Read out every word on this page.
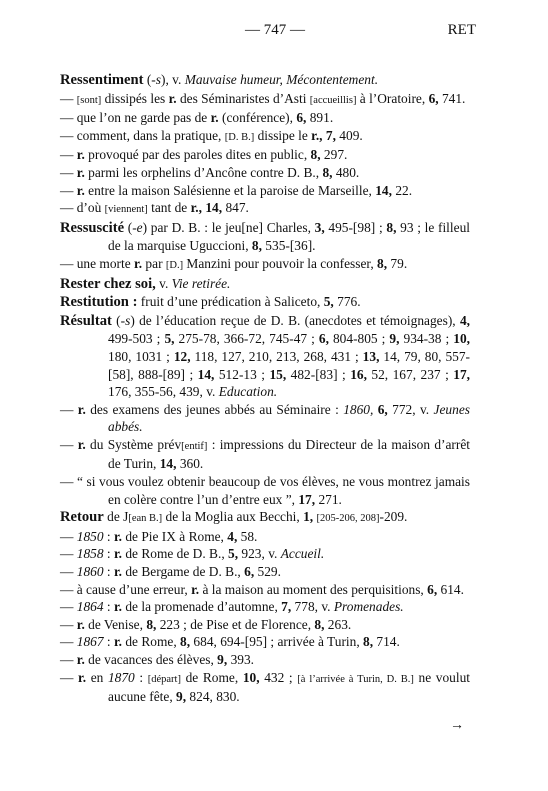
— 747 —	RET
Ressentiment (-s), v. Mauvaise humeur, Mécontentement.
— [sont] dissipés les r. des Séminaristes d’Asti [accueillis] à l’Oratoire, 6, 741.
— que l’on ne garde pas de r. (conférence), 6, 891.
— comment, dans la pratique, [D. B.] dissipe le r., 7, 409.
— r. provoqué par des paroles dites en public, 8, 297.
— r. parmi les orphelins d’Ancône contre D. B., 8, 480.
— r. entre la maison Salésienne et la paroise de Marseille, 14, 22.
— d’où [viennent] tant de r., 14, 847.
Ressuscité (-e) par D. B. : le jeu[ne] Charles, 3, 495-[98] ; 8, 93 ; le filleul de la marquise Uguccioni, 8, 535-[36].
— une morte r. par [D.] Manzini pour pouvoir la confesser, 8, 79.
Rester chez soi, v. Vie retirée.
Restitution : fruit d’une prédication à Saliceto, 5, 776.
Résultat (-s) de l’éducation reçue de D. B. (anecdotes et témoignages), 4, 499-503 ; 5, 275-78, 366-72, 745-47 ; 6, 804-805 ; 9, 934-38 ; 10, 180, 1031 ; 12, 118, 127, 210, 213, 268, 431 ; 13, 14, 79, 80, 557-[58], 888-[89] ; 14, 512-13 ; 15, 482-[83] ; 16, 52, 167, 237 ; 17, 176, 355-56, 439, v. Education.
— r. des examens des jeunes abbés au Séminaire : 1860, 6, 772, v. Jeunes abbés.
— r. du Système prév[entif] : impressions du Directeur de la maison d’arrêt de Turin, 14, 360.
— “ si vous voulez obtenir beaucoup de vos élèves, ne vous montrez jamais en colère contre l’un d’entre eux ”, 17, 271.
Retour de J[ean B.] de la Moglia aux Becchi, 1, [205-206, 208]-209.
— 1850 : r. de Pie IX à Rome, 4, 58.
— 1858 : r. de Rome de D. B., 5, 923, v. Accueil.
— 1860 : r. de Bergame de D. B., 6, 529.
— à cause d’une erreur, r. à la maison au moment des perquisitions, 6, 614.
— 1864 : r. de la promenade d’automne, 7, 778, v. Promenades.
— r. de Venise, 8, 223 ; de Pise et de Florence, 8, 263.
— 1867 : r. de Rome, 8, 684, 694-[95] ; arrivée à Turin, 8, 714.
— r. de vacances des élèves, 9, 393.
— r. en 1870 : [départ] de Rome, 10, 432 ; [à l’arrivée à Turin, D. B.] ne voulut aucune fête, 9, 824, 830.
→
